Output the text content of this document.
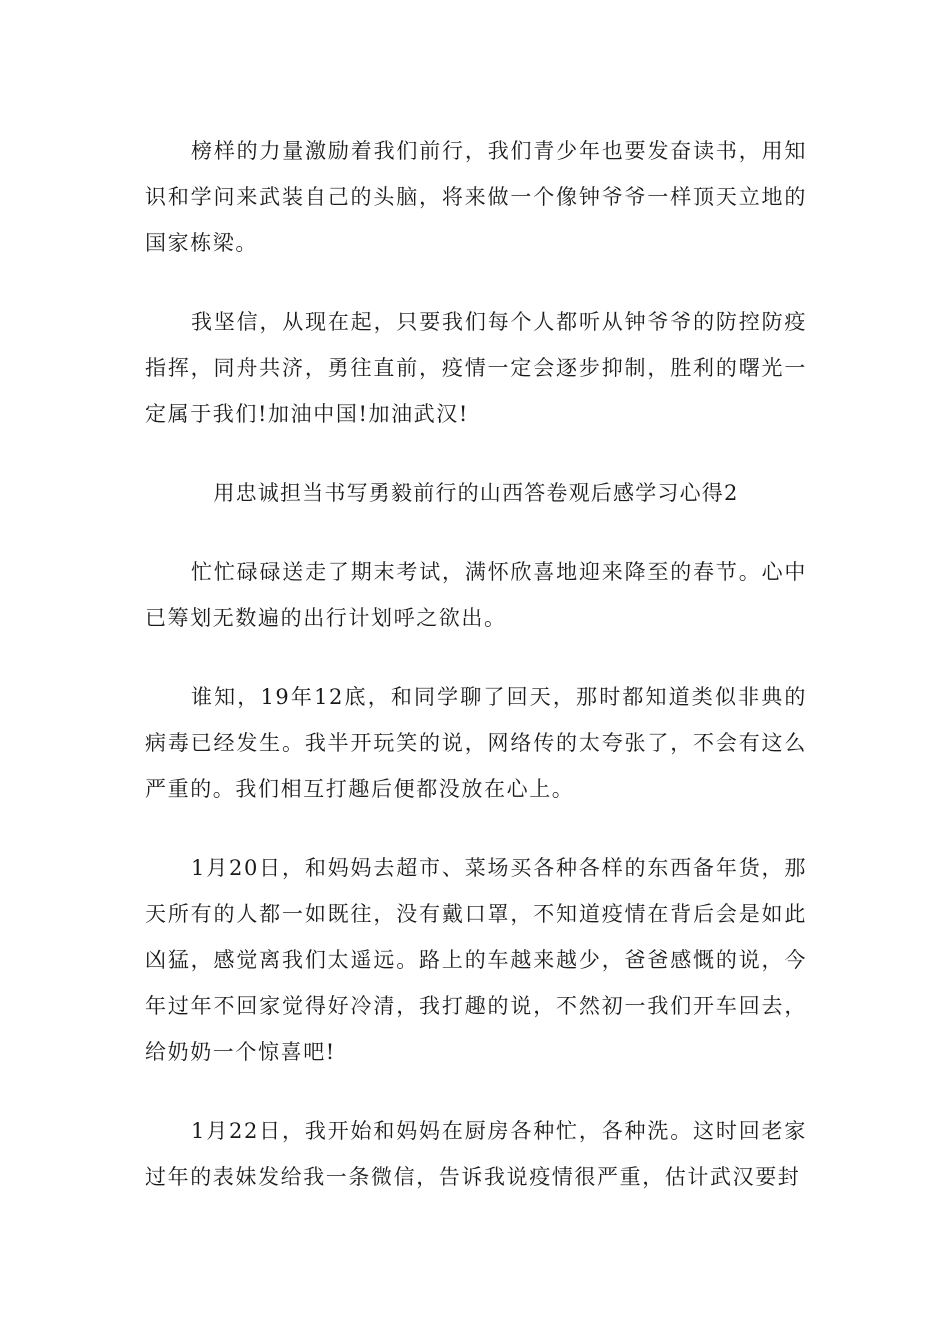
榜样的力量激励着我们前行，我们青少年也要发奋读书，用知识和学问来武装自己的头脑，将来做一个像钟爷爷一样顶天立地的国家栋梁。

我坚信，从现在起，只要我们每个人都听从钟爷爷的防控防疫指挥，同舟共济，勇往直前，疫情一定会逐步抑制，胜利的曙光一定属于我们!加油中国!加油武汉!

用忠诚担当书写勇毅前行的山西答卷观后感学习心得2

忙忙碌碌送走了期末考试，满怀欣喜地迎来降至的春节。心中已筹划无数遍的出行计划呼之欲出。

谁知，19年12底，和同学聊了回天，那时都知道类似非典的病毒已经发生。我半开玩笑的说，网络传的太夸张了，不会有这么严重的。我们相互打趣后便都没放在心上。

1月20日，和妈妈去超市、菜场买各种各样的东西备年货，那天所有的人都一如既往，没有戴口罩，不知道疫情在背后会是如此凶猛，感觉离我们太遥远。路上的车越来越少，爸爸感慨的说，今年过年不回家觉得好冷清，我打趣的说，不然初一我们开车回去，给奶奶一个惊喜吧!

1月22日，我开始和妈妈在厨房各种忙，各种洗。这时回老家过年的表妹发给我一条微信，告诉我说疫情很严重，估计武汉要封
